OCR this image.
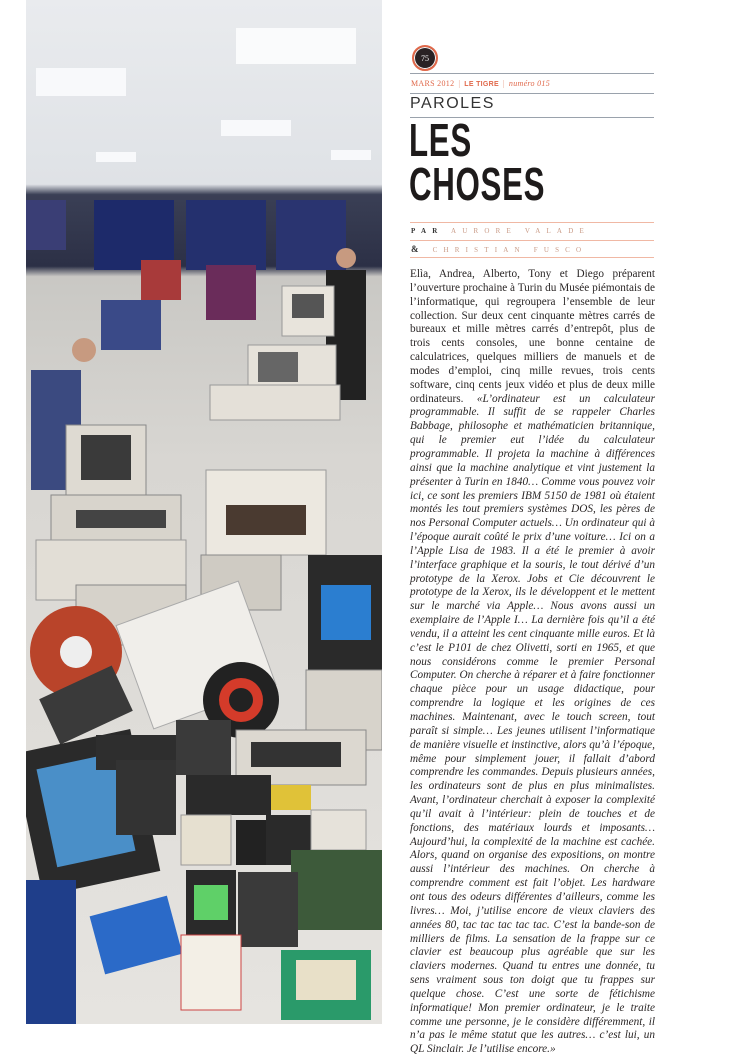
75
MARS 2012 | LE TIGRE | numéro 015
PAROLES
LES
CHOSES
PAR AURORE VALADE
& CHRISTIAN FUSCO
Elìa, Andrea, Alberto, Tony et Diego préparent l’ouverture prochaine à Turin du Musée piémontais de l’informatique, qui regroupera l’ensemble de leur collection. Sur deux cent cinquante mètres carrés de bureaux et mille mètres carrés d’entrepôt, plus de trois cents consoles, une bonne centaine de calculatrices, quelques milliers de manuels et de modes d’emploi, cinq mille revues, trois cents software, cinq cents jeux vidéo et plus de deux mille ordinateurs. «L’ordinateur est un calculateur programmable. Il suffit de se rappeler Charles Babbage, philosophe et mathématicien britannique, qui le premier eut l’idée du calculateur programmable. Il projeta la machine à différences ainsi que la machine analytique et vint justement la présenter à Turin en 1840… Comme vous pouvez voir ici, ce sont les premiers IBM 5150 de 1981 où étaient montés les tout premiers systèmes DOS, les pères de nos Personal Computer actuels… Un ordinateur qui à l’époque aurait coûté le prix d’une voiture… Ici on a l’Apple Lisa de 1983. Il a été le premier à avoir l’interface graphique et la souris, le tout dérivé d’un prototype de la Xerox. Jobs et Cie découvrent le prototype de la Xerox, ils le développent et le mettent sur le marché via Apple… Nous avons aussi un exemplaire de l’Apple I… La dernière fois qu’il a été vendu, il a atteint les cent cinquante mille euros. Et là c’est le P101 de chez Olivetti, sorti en 1965, et que nous considérons comme le premier Personal Computer. On cherche à réparer et à faire fonctionner chaque pièce pour un usage didactique, pour comprendre la logique et les origines de ces machines. Maintenant, avec le touch screen, tout paraît si simple… Les jeunes utilisent l’informatique de manière visuelle et instinctive, alors qu’à l’époque, même pour simplement jouer, il fallait d’abord comprendre les commandes. Depuis plusieurs années, les ordinateurs sont de plus en plus minimalistes. Avant, l’ordinateur cherchait à exposer la complexité qu’il avait à l’intérieur: plein de touches et de fonctions, des matériaux lourds et imposants… Aujourd’hui, la complexité de la machine est cachée. Alors, quand on organise des expositions, on montre aussi l’intérieur des machines. On cherche à comprendre comment est fait l’objet. Les hardware ont tous des odeurs différentes d’ailleurs, comme les livres… Moi, j’utilise encore de vieux claviers des années 80, tac tac tac tac tac. C’est la bande-son de milliers de films. La sensation de la frappe sur ce clavier est beaucoup plus agréable que sur les claviers modernes. Quand tu entres une donnée, tu sens vraiment sous ton doigt que tu frappes sur quelque chose. C’est une sorte de fétichisme informatique! Mon premier ordinateur, je le traite comme une personne, je le considère différemment, il n’a pas le même statut que les autres… c’est lui, un QL Sinclair. Je l’utilise encore.»
